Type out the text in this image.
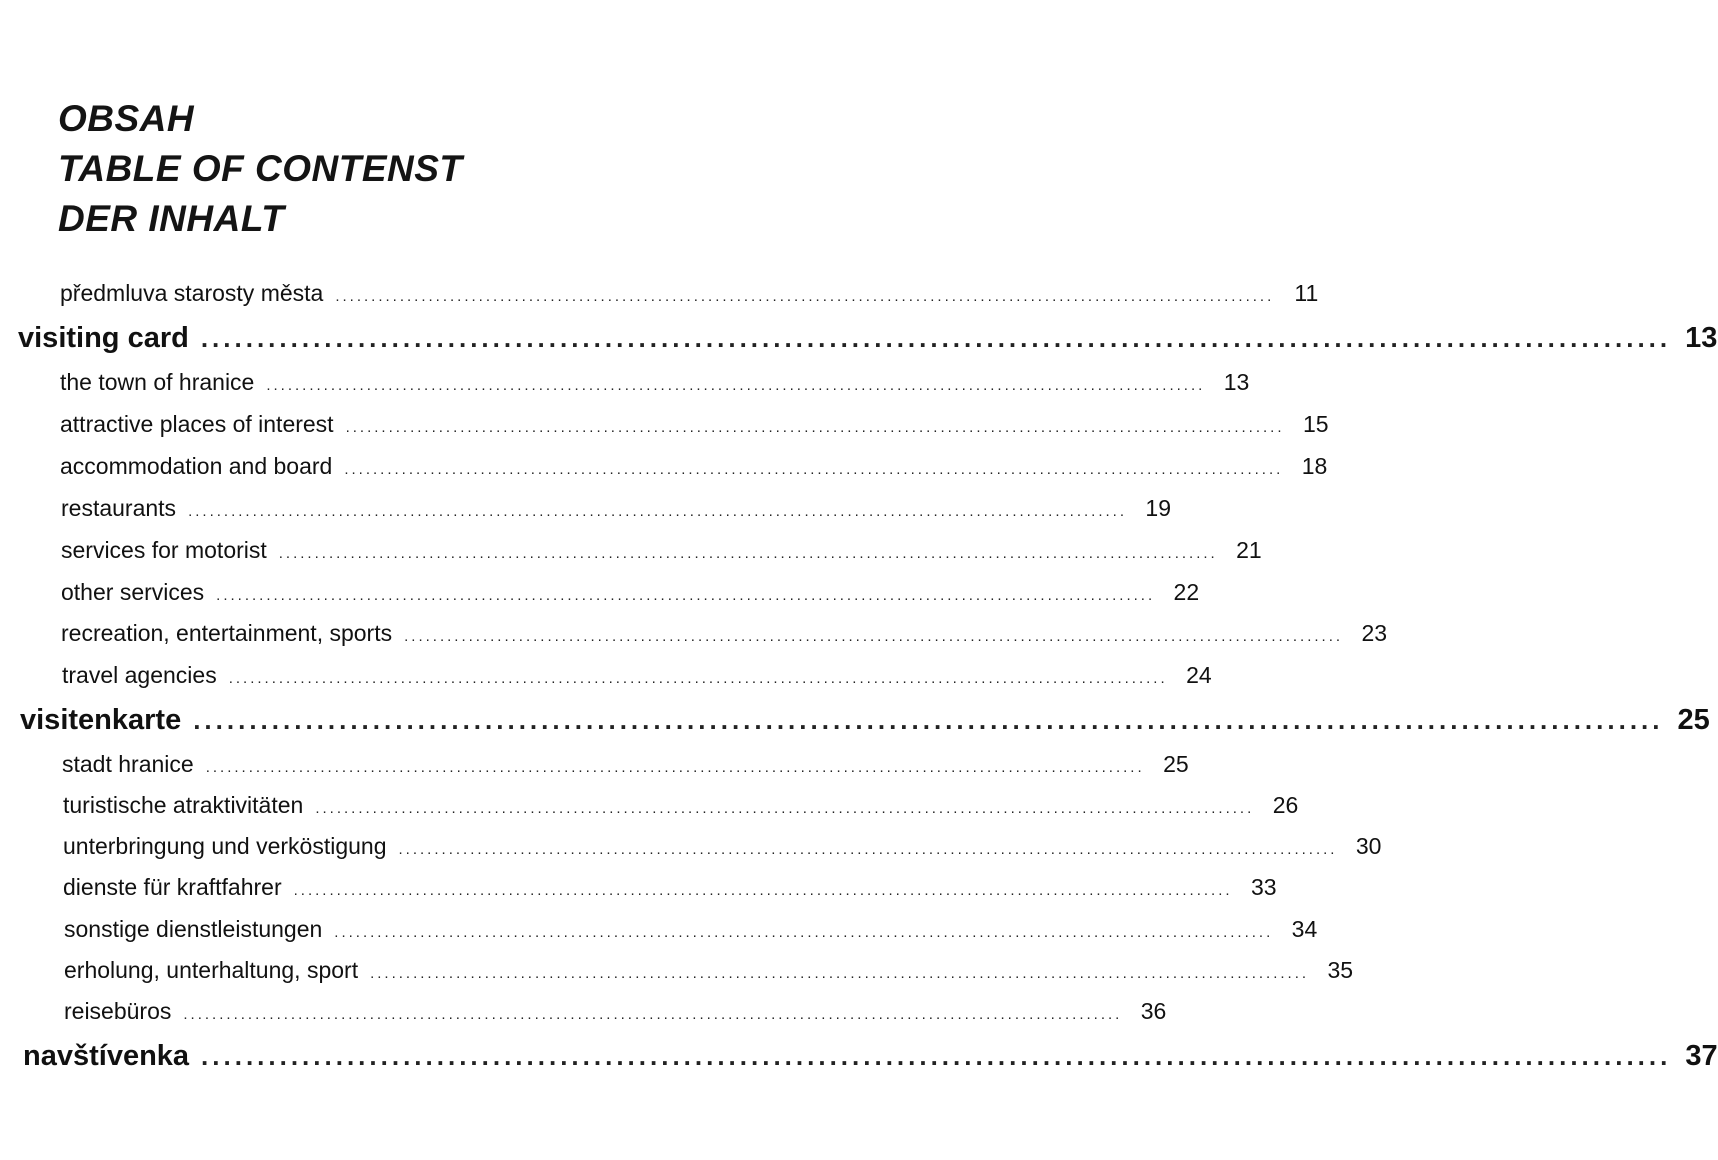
OBSAH
TABLE OF CONTENST
DER INHALT
předmluva starosty města ................................................................................................................................... 11
visiting card ................................................................................................................................... 13
the town of hranice ................................................................................................................................... 13
attractive places of interest ................................................................................................................................... 15
accommodation and board ................................................................................................................................... 18
restaurants ................................................................................................................................... 19
services for motorist ................................................................................................................................... 21
other services ................................................................................................................................... 22
recreation, entertainment, sports ................................................................................................................................... 23
travel agencies ................................................................................................................................... 24
visitenkarte ................................................................................................................................... 25
stadt hranice ................................................................................................................................... 25
turistische atraktivitäten ................................................................................................................................... 26
unterbringung und verköstigung ................................................................................................................................... 30
dienste für kraftfahrer ................................................................................................................................... 33
sonstige dienstleistungen ................................................................................................................................... 34
erholung, unterhaltung, sport ................................................................................................................................... 35
reisebüros ................................................................................................................................... 36
navštívenka ................................................................................................................................... 37
